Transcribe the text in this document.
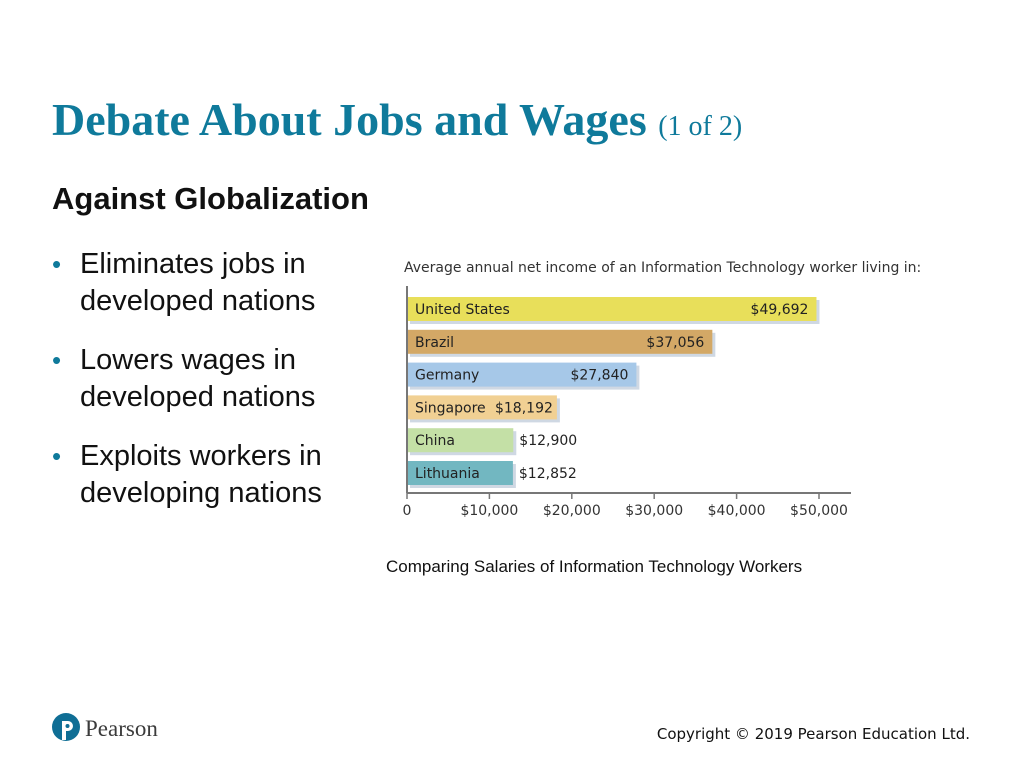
Debate About Jobs and Wages (1 of 2)
Against Globalization
• Eliminates jobs in developed nations
• Lowers wages in developed nations
• Exploits workers in developing nations
Average annual net income of an Information Technology worker living in:
United States	$49,692
Brazil	$37,056
Germany	$27,840
Singapore $18,192
China	$12,900
Lithuania	$12,852
0	$10,000 $20,000 $30,000 $40,000 $50,000
Comparing Salaries of Information Technology Workers
Pearson	Copyright © 2019 Pearson Education Ltd.
